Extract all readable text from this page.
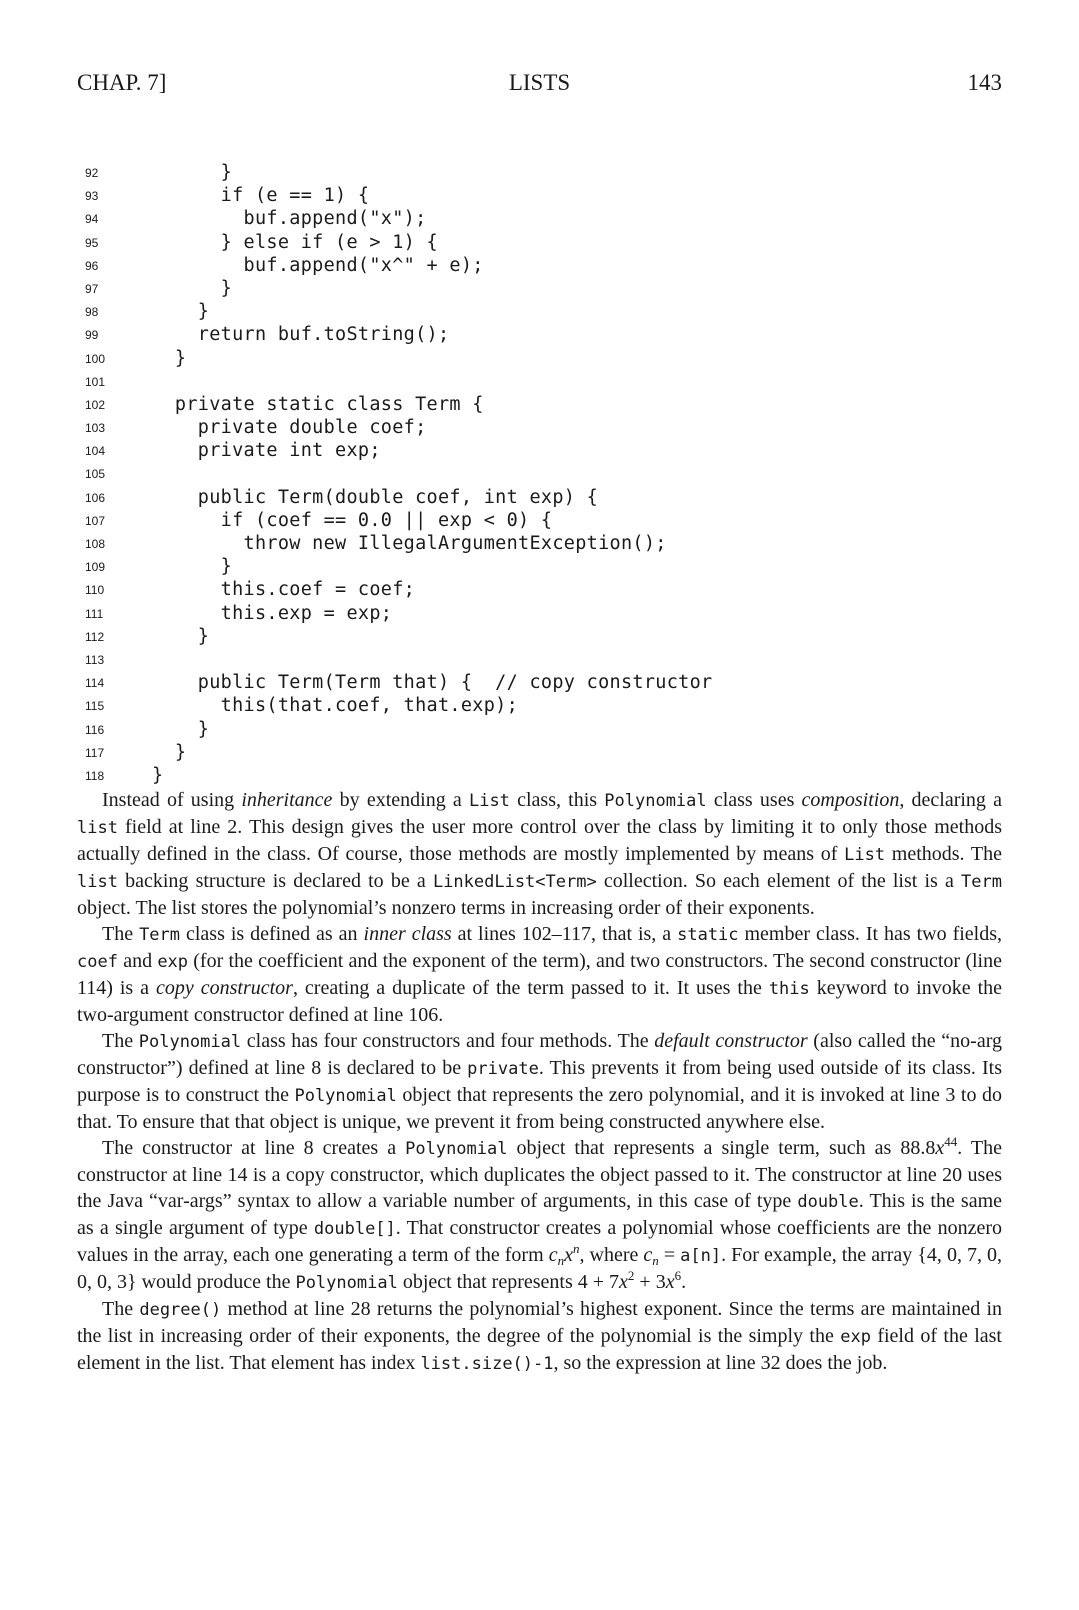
CHAP. 7]	LISTS	143
92	}
93	if (e == 1) {
94	buf.append("x");
95	} else if (e > 1) {
96	buf.append("x^" + e);
97	}
98	}
99	return buf.toString();
100	}
101
102	private static class Term {
103	private double coef;
104	private int exp;
105
106	public Term(double coef, int exp) {
107	if (coef == 0.0 || exp < 0) {
108	throw new IllegalArgumentException();
109	}
110	this.coef = coef;
111	this.exp = exp;
112	}
113
114	public Term(Term that) {  // copy constructor
115	this(that.coef, that.exp);
116	}
117	}
118	}

Instead of using inheritance by extending a List class, this Polynomial class uses composition, declaring a list field at line 2. This design gives the user more control over the class by limiting it to only those methods actually defined in the class. Of course, those methods are mostly implemented by means of List methods. The list backing structure is declared to be a LinkedList<Term> collection. So each element of the list is a Term object. The list stores the polynomial’s nonzero terms in increasing order of their exponents.

The Term class is defined as an inner class at lines 102–117, that is, a static member class. It has two fields, coef and exp (for the coefficient and the exponent of the term), and two constructors. The second constructor (line 114) is a copy constructor, creating a duplicate of the term passed to it. It uses the this keyword to invoke the two-argument constructor defined at line 106.

The Polynomial class has four constructors and four methods. The default constructor (also called the “no-arg constructor”) defined at line 8 is declared to be private. This prevents it from being used outside of its class. Its purpose is to construct the Polynomial object that represents the zero polynomial, and it is invoked at line 3 to do that. To ensure that that object is unique, we prevent it from being constructed anywhere else.

The constructor at line 8 creates a Polynomial object that represents a single term, such as $88.8x^{44}$. The constructor at line 14 is a copy constructor, which duplicates the object passed to it. The constructor at line 20 uses the Java “var-args” syntax to allow a variable number of arguments, in this case of type double. This is the same as a single argument of type double[]. That constructor creates a polynomial whose coefficients are the nonzero values in the array, each one generating a term of the form $c_nx^n$, where $c_n = a[n]$. For example, the array {4, 0, 7, 0, 0, 0, 3} would produce the Polynomial object that represents $4 + 7x^2 + 3x^6$.

The degree() method at line 28 returns the polynomial’s highest exponent. Since the terms are maintained in the list in increasing order of their exponents, the degree of the polynomial is the simply the exp field of the last element in the list. That element has index list.size()-1, so the expression at line 32 does the job.
